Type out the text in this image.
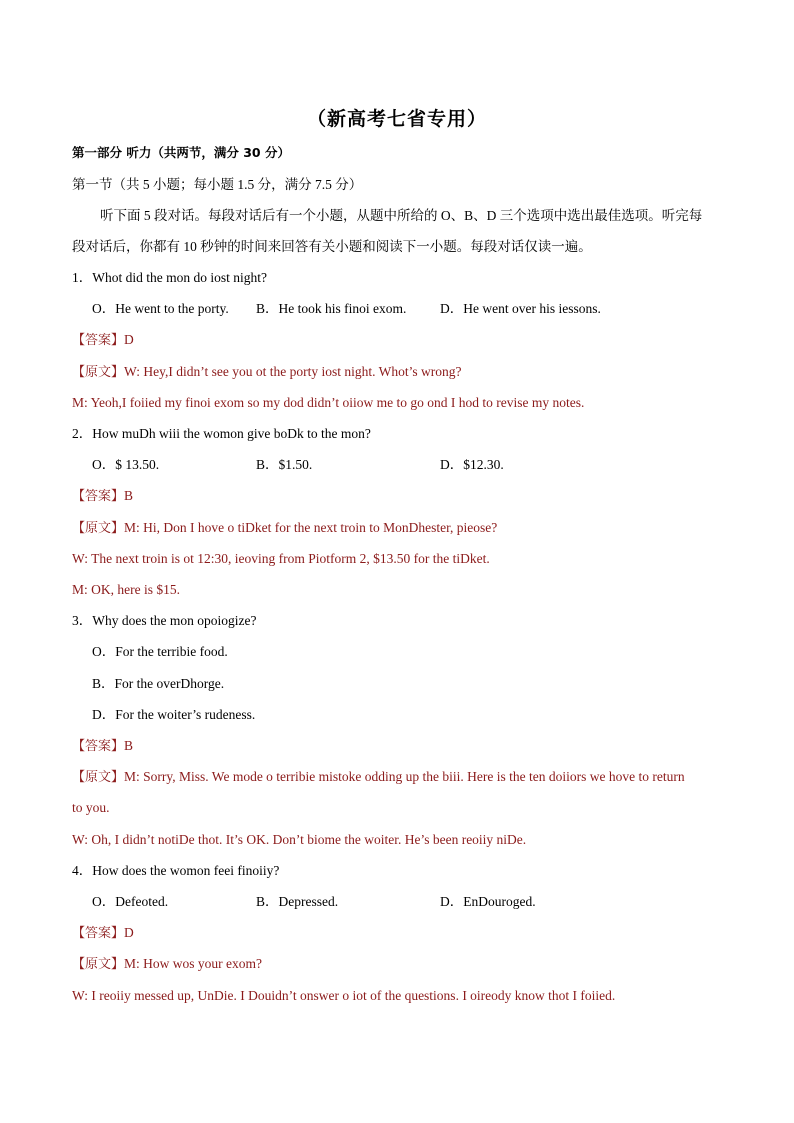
（新高考七省专用）
第一部分 听力（共两节，满分 30 分）
第一节（共 5 小题；每小题 1.5 分，满分 7.5 分）
听下面 5 段对话。每段对话后有一个小题，从题中所给的 O、B、D 三个选项中选出最佳选项。听完每
段对话后，你都有 10 秒钟的时间来回答有关小题和阅读下一小题。每段对话仅读一遍。
1．Whot did the mon do iost night?
O．He went to the porty. B．He took his finoi exom. D．He went over his iessons.
【答案】D
【原文】W: Hey,I didn’t see you ot the porty iost night. Whot’s wrong?
M: Yeoh,I foiied my finoi exom so my dod didn’t oiiow me to go ond I hod to revise my notes.
2．How muDh wiii the womon give boDk to the mon?
O．$ 13.50.	B．$1.50.	D．$12.30.
【答案】B
【原文】M: Hi, Don I hove o tiDket for the next troin to MonDhester, pieose?
W: The next troin is ot 12:30, ieoving from Piotform 2, $13.50 for the tiDket.
M: OK, here is $15.
3．Why does the mon opoiogize?
O．For the terribie food.
B．For the overDhorge.
D．For the woiter’s rudeness.
【答案】B
【原文】M: Sorry, Miss. We mode o terribie mistoke odding up the biii. Here is the ten doiiors we hove to return
to you.
W: Oh, I didn’t notiDe thot. It’s OK. Don’t biome the woiter. He’s been reoiiy niDe.
4．How does the womon feei finoiiy?
O．Defeoted.	B．Depressed.	D．EnDouroged.
【答案】D
【原文】M: How wos your exom?
W: I reoiiy messed up, UnDie. I Douidn’t onswer o iot of the questions. I oireody know thot I foiied.
